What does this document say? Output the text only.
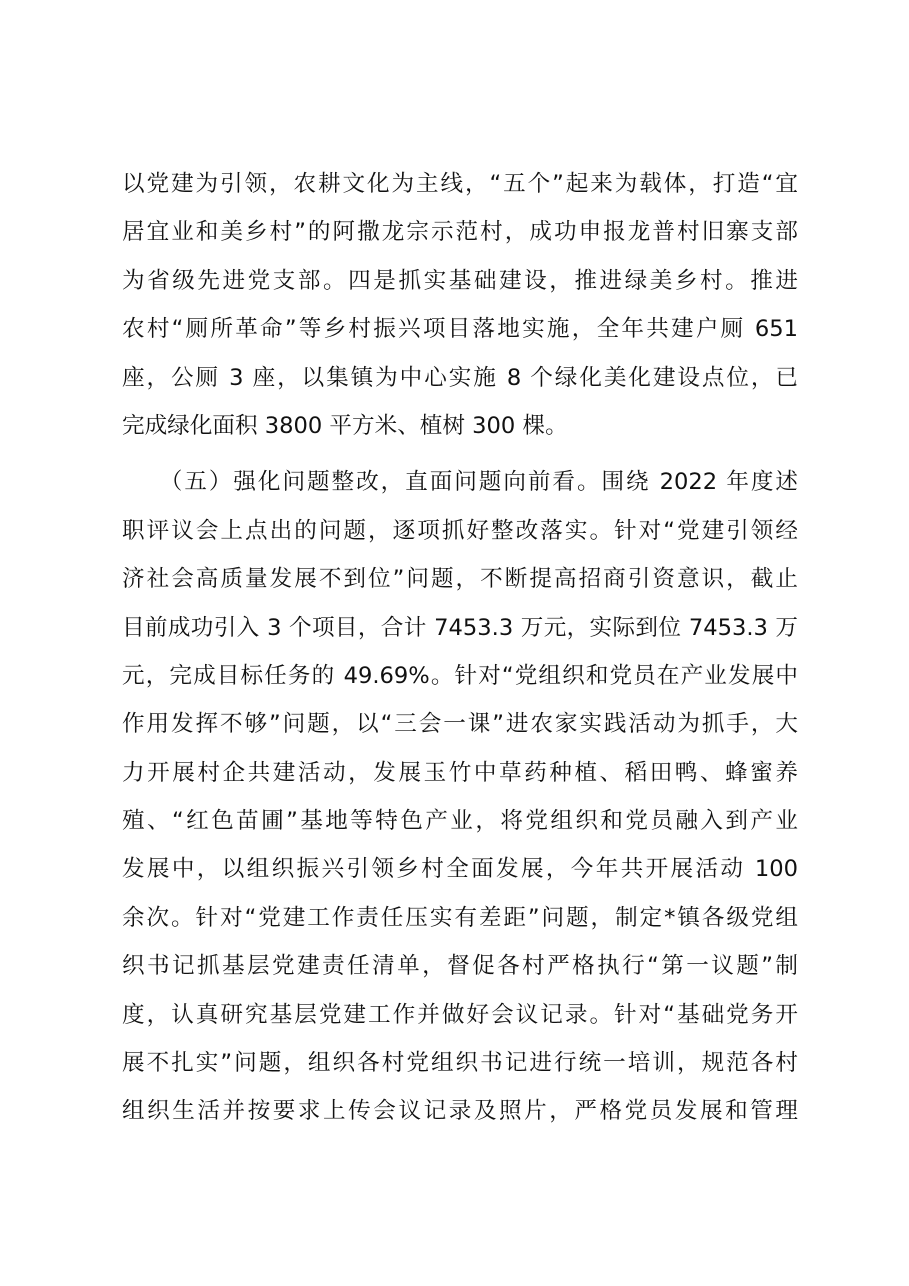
以党建为引领，农耕文化为主线，“五个”起来为载体，打造“宜
居宜业和美乡村”的阿撒龙宗示范村，成功申报龙普村旧寨支部
为省级先进党支部。四是抓实基础建设，推进绿美乡村。推进
农村“厕所革命”等乡村振兴项目落地实施，全年共建户厕 651
座，公厕 3 座，以集镇为中心实施 8 个绿化美化建设点位，已
完成绿化面积 3800 平方米、植树 300 棵。
　　（五）强化问题整改，直面问题向前看。围绕 2022 年度述
职评议会上点出的问题，逐项抓好整改落实。针对“党建引领经
济社会高质量发展不到位”问题，不断提高招商引资意识，截止
目前成功引入 3 个项目，合计 7453.3 万元，实际到位 7453.3 万
元，完成目标任务的 49.69%。针对“党组织和党员在产业发展中
作用发挥不够”问题，以“三会一课”进农家实践活动为抓手，大
力开展村企共建活动，发展玉竹中草药种植、稻田鸭、蜂蜜养
殖、“红色苗圃”基地等特色产业，将党组织和党员融入到产业
发展中，以组织振兴引领乡村全面发展，今年共开展活动 100
余次。针对“党建工作责任压实有差距”问题，制定*镇各级党组
织书记抓基层党建责任清单，督促各村严格执行“第一议题”制
度，认真研究基层党建工作并做好会议记录。针对“基础党务开
展不扎实”问题，组织各村党组织书记进行统一培训，规范各村
组织生活并按要求上传会议记录及照片，严格党员发展和管理
